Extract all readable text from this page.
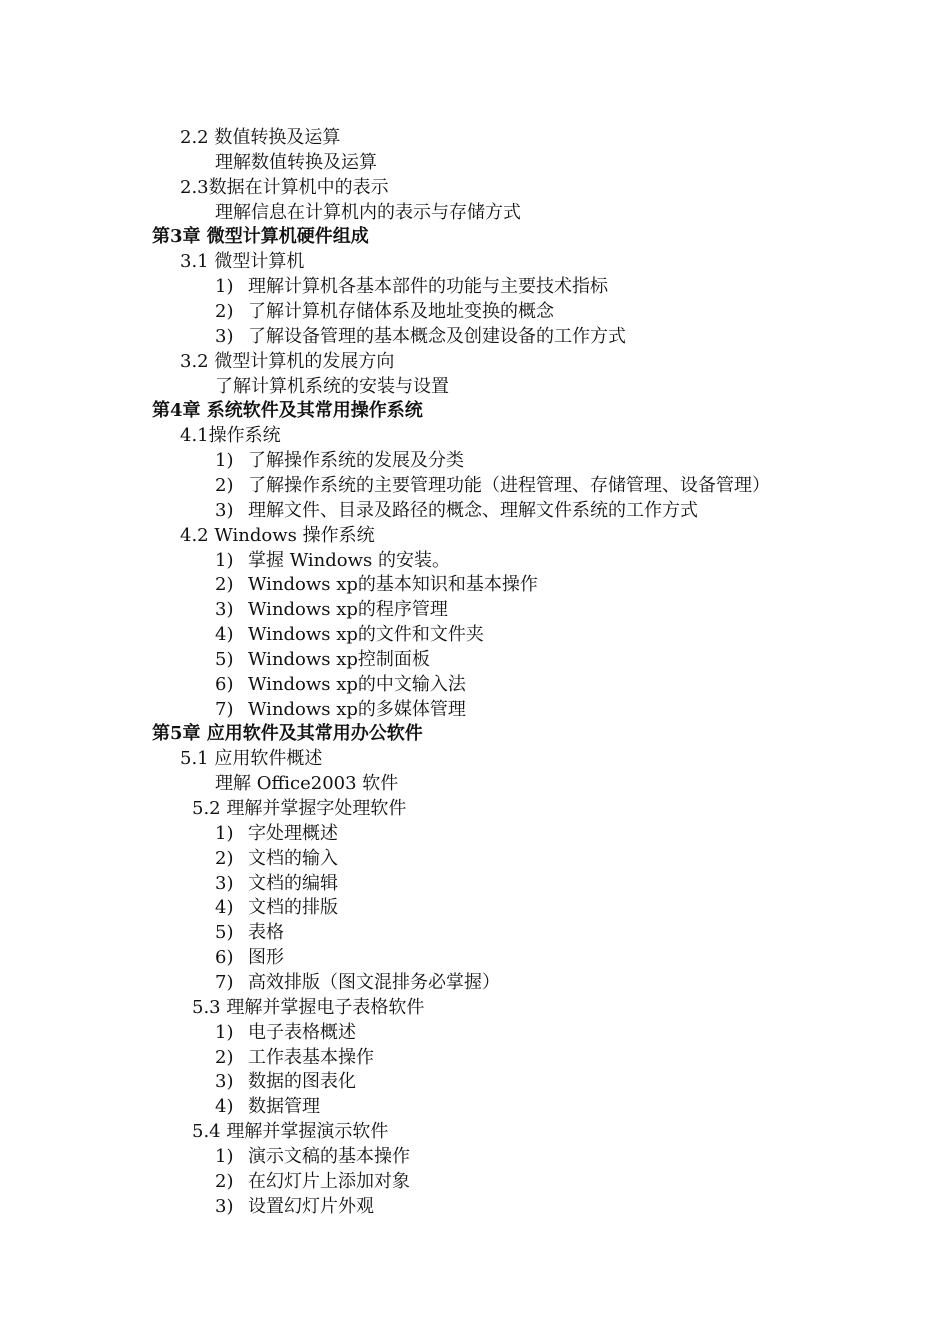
2.2 数值转换及运算
理解数值转换及运算
2.3数据在计算机中的表示
理解信息在计算机内的表示与存储方式
第3章 微型计算机硬件组成
3.1 微型计算机
1) 理解计算机各基本部件的功能与主要技术指标
2) 了解计算机存储体系及地址变换的概念
3) 了解设备管理的基本概念及创建设备的工作方式
3.2 微型计算机的发展方向
了解计算机系统的安装与设置
第4章 系统软件及其常用操作系统
4.1操作系统
1) 了解操作系统的发展及分类
2) 了解操作系统的主要管理功能（进程管理、存储管理、设备管理）
3) 理解文件、目录及路径的概念、理解文件系统的工作方式
4.2 Windows 操作系统
1) 掌握 Windows 的安装。
2) Windows xp的基本知识和基本操作
3) Windows xp的程序管理
4) Windows xp的文件和文件夹
5) Windows xp控制面板
6) Windows xp的中文输入法
7) Windows xp的多媒体管理
第5章 应用软件及其常用办公软件
5.1 应用软件概述
理解 Office2003 软件
5.2 理解并掌握字处理软件
1) 字处理概述
2) 文档的输入
3) 文档的编辑
4) 文档的排版
5) 表格
6) 图形
7) 高效排版（图文混排务必掌握）
5.3 理解并掌握电子表格软件
1) 电子表格概述
2) 工作表基本操作
3) 数据的图表化
4) 数据管理
5.4 理解并掌握演示软件
1) 演示文稿的基本操作
2) 在幻灯片上添加对象
3) 设置幻灯片外观
